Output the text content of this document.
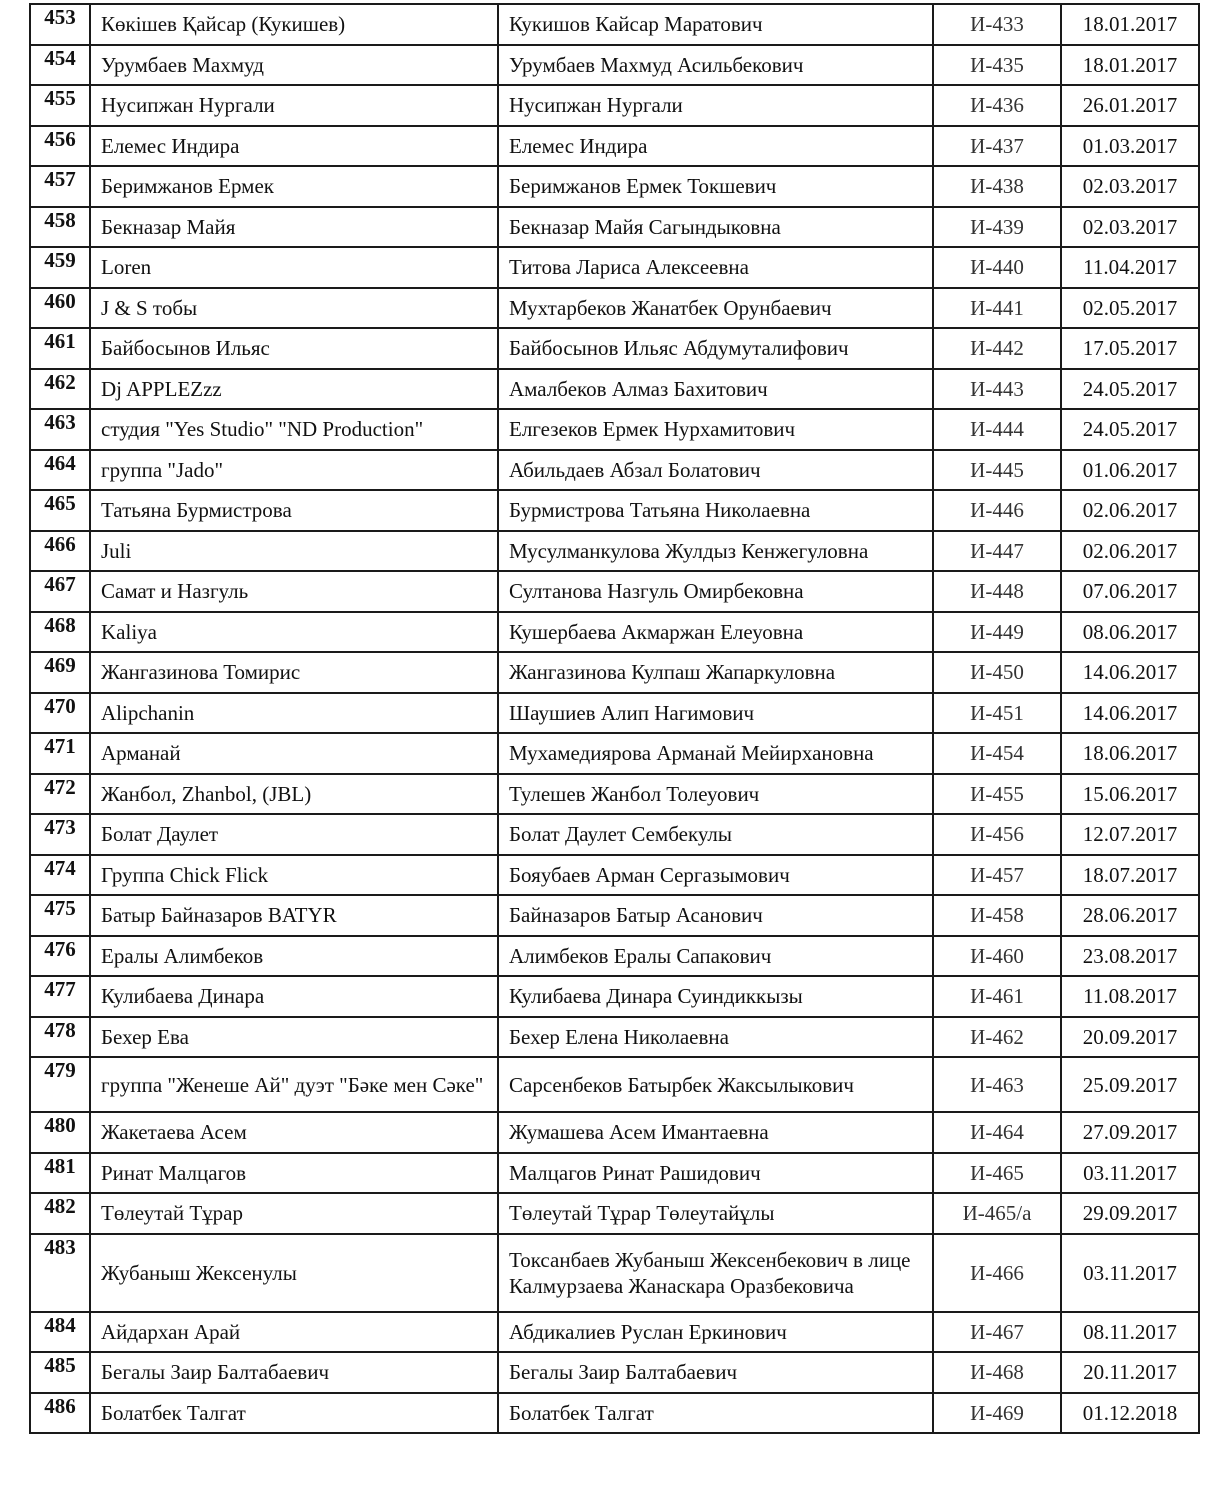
453	Көкішев Қайсар (Кукишев)	Кукишов Кайсар Маратович	И-433	18.01.2017
454	Урумбаев Махмуд	Урумбаев Махмуд Асильбекович	И-435	18.01.2017
455	Нусипжан Нургали	Нусипжан Нургали	И-436	26.01.2017
456	Елемес Индира	Елемес Индира	И-437	01.03.2017
457	Беримжанов Ермек	Беримжанов Ермек Токшевич	И-438	02.03.2017
458	Бекназар Майя	Бекназар Майя Сагындыковна	И-439	02.03.2017
459	Loren	Титова Лариса Алексеевна	И-440	11.04.2017
460	J & S тобы	Мухтарбеков Жанатбек Орунбаевич	И-441	02.05.2017
461	Байбосынов Ильяс	Байбосынов Ильяс Абдумуталифович	И-442	17.05.2017
462	Dj APPLEZzz	Амалбеков Алмаз Бахитович	И-443	24.05.2017
463	студия "Yes Studio" "ND Production"	Елгезеков Ермек Нурхамитович	И-444	24.05.2017
464	группа "Jado"	Абильдаев Абзал Болатович	И-445	01.06.2017
465	Татьяна Бурмистрова	Бурмистрова Татьяна Николаевна	И-446	02.06.2017
466	Juli	Мусулманкулова Жулдыз Кенжегуловна	И-447	02.06.2017
467	Самат и Назгуль	Султанова Назгуль Омирбековна	И-448	07.06.2017
468	Kaliya	Кушербаева Акмаржан Елеуовна	И-449	08.06.2017
469	Жангазинова Томирис	Жангазинова Кулпаш Жапаркуловна	И-450	14.06.2017
470	Alipchanin	Шаушиев Алип Нагимович	И-451	14.06.2017
471	Арманай	Мухамедиярова Арманай Мейирхановна	И-454	18.06.2017
472	Жанбол, Zhanbol, (JBL)	Тулешев Жанбол Толеуович	И-455	15.06.2017
473	Болат Даулет	Болат Даулет Сембекулы	И-456	12.07.2017
474	Группа Chick Flick	Бояубаев Арман Сергазымович	И-457	18.07.2017
475	Батыр Байназаров BATYR	Байназаров Батыр Асанович	И-458	28.06.2017
476	Ералы Алимбеков	Алимбеков Ералы Сапакович	И-460	23.08.2017
477	Кулибаева Динара	Кулибаева Динара Суиндиккызы	И-461	11.08.2017
478	Бехер Ева	Бехер Елена Николаевна	И-462	20.09.2017
479	группа "Женеше Ай" дуэт "Бәке мен Сәке"	Сарсенбеков Батырбек Жаксылыкович	И-463	25.09.2017
480	Жакетаева Асем	Жумашева Асем Имантаевна	И-464	27.09.2017
481	Ринат Малцагов	Малцагов Ринат Рашидович	И-465	03.11.2017
482	Төлеутай Тұрар	Төлеутай Тұрар Төлеутайұлы	И-465/а	29.09.2017
483	Жубаныш Жексенулы	Токсанбаев Жубаныш Жексенбекович в лице Калмурзаева Жанаскара Оразбековича	И-466	03.11.2017
484	Айдархан Арай	Абдикалиев Руслан Еркинович	И-467	08.11.2017
485	Бегалы Заир Балтабаевич	Бегалы Заир Балтабаевич	И-468	20.11.2017
486	Болатбек Талгат	Болатбек Талгат	И-469	01.12.2018
